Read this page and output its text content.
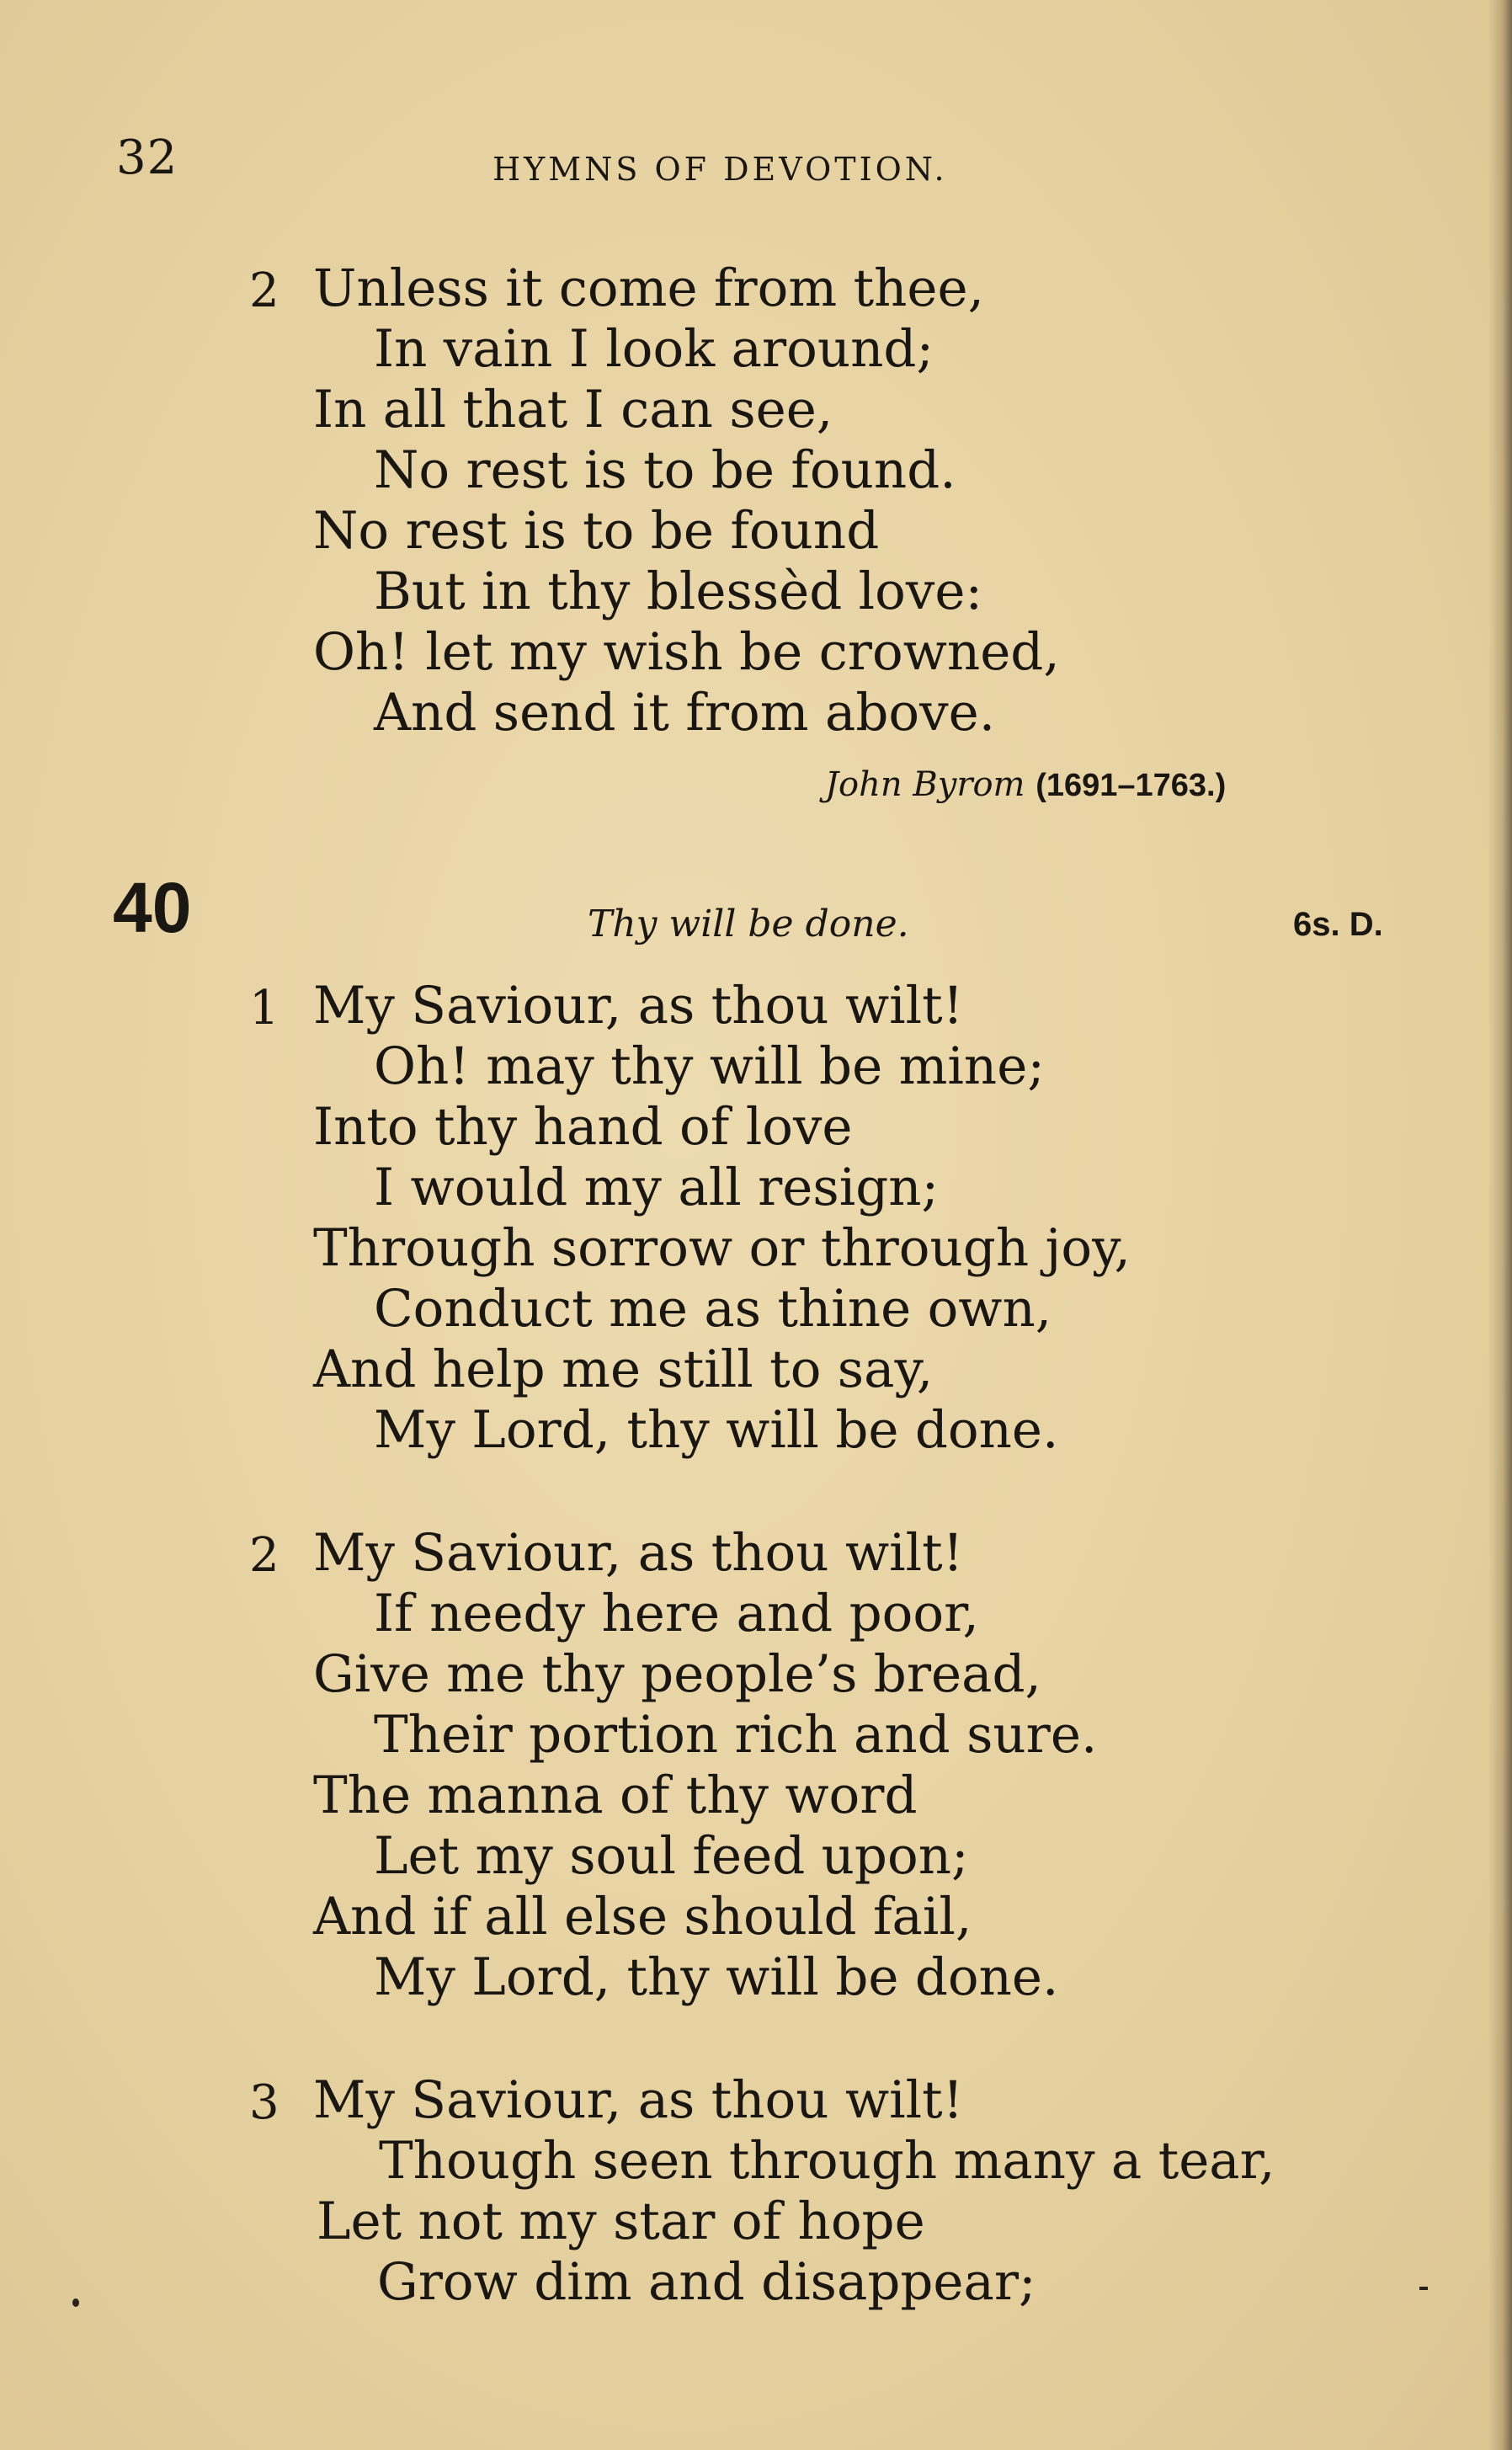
32	HYMNS OF DEVOTION.
2 Unless it come from thee,
In vain I look around;
In all that I can see,
No rest is to be found.
No rest is to be found
But in thy blessèd love:
Oh! let my wish be crowned,
And send it from above.
John Byrom (1691–1763.)
40	Thy will be done.	6s. D.
1 My Saviour, as thou wilt!
Oh! may thy will be mine;
Into thy hand of love
I would my all resign;
Through sorrow or through joy,
Conduct me as thine own,
And help me still to say,
My Lord, thy will be done.
2 My Saviour, as thou wilt!
If needy here and poor,
Give me thy people’s bread,
Their portion rich and sure.
The manna of thy word
Let my soul feed upon;
And if all else should fail,
My Lord, thy will be done.
3 My Saviour, as thou wilt!
Though seen through many a tear,
Let not my star of hope
Grow dim and disappear;
